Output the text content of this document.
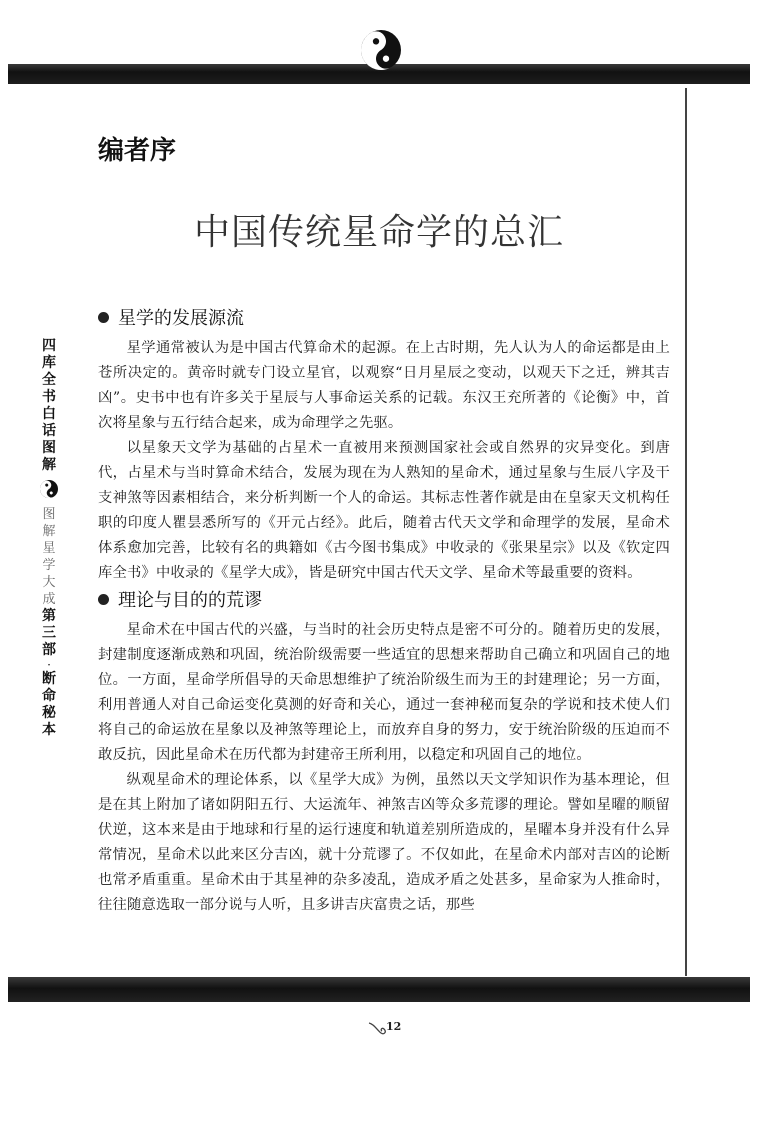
编者序
中国传统星命学的总汇
四
库
全
书
白
话
图
解
图
解
星
学
大
成
第
三
部
·
断
命
秘
本
星学的发展源流

星学通常被认为是中国古代算命术的起源。在上古时期，先人认为人的命运都是由上苍所决定的。黄帝时就专门设立星官，以观察“日月星辰之变动，以观天下之迁，辨其吉凶”。史书中也有许多关于星辰与人事命运关系的记载。东汉王充所著的《论衡》中，首次将星象与五行结合起来，成为命理学之先驱。

以星象天文学为基础的占星术一直被用来预测国家社会或自然界的灾异变化。到唐代，占星术与当时算命术结合，发展为现在为人熟知的星命术，通过星象与生辰八字及干支神煞等因素相结合，来分析判断一个人的命运。其标志性著作就是由在皇家天文机构任职的印度人瞿昙悉所写的《开元占经》。此后，随着古代天文学和命理学的发展，星命术体系愈加完善，比较有名的典籍如《古今图书集成》中收录的《张果星宗》以及《钦定四库全书》中收录的《星学大成》，皆是研究中国古代天文学、星命术等最重要的资料。

理论与目的的荒谬

星命术在中国古代的兴盛，与当时的社会历史特点是密不可分的。随着历史的发展，封建制度逐渐成熟和巩固，统治阶级需要一些适宜的思想来帮助自己确立和巩固自己的地位。一方面，星命学所倡导的天命思想维护了统治阶级生而为王的封建理论；另一方面，利用普通人对自己命运变化莫测的好奇和关心，通过一套神秘而复杂的学说和技术使人们将自己的命运放在星象以及神煞等理论上，而放弃自身的努力，安于统治阶级的压迫而不敢反抗，因此星命术在历代都为封建帝王所利用，以稳定和巩固自己的地位。

纵观星命术的理论体系，以《星学大成》为例，虽然以天文学知识作为基本理论，但是在其上附加了诸如阴阳五行、大运流年、神煞吉凶等众多荒谬的理论。譬如星曜的顺留伏逆，这本来是由于地球和行星的运行速度和轨道差别所造成的，星曜本身并没有什么异常情况，星命术以此来区分吉凶，就十分荒谬了。不仅如此，在星命术内部对吉凶的论断也常矛盾重重。星命术由于其星神的杂多凌乱，造成矛盾之处甚多，星命家为人推命时，往往随意选取一部分说与人听，且多讲吉庆富贵之话，那些

12
